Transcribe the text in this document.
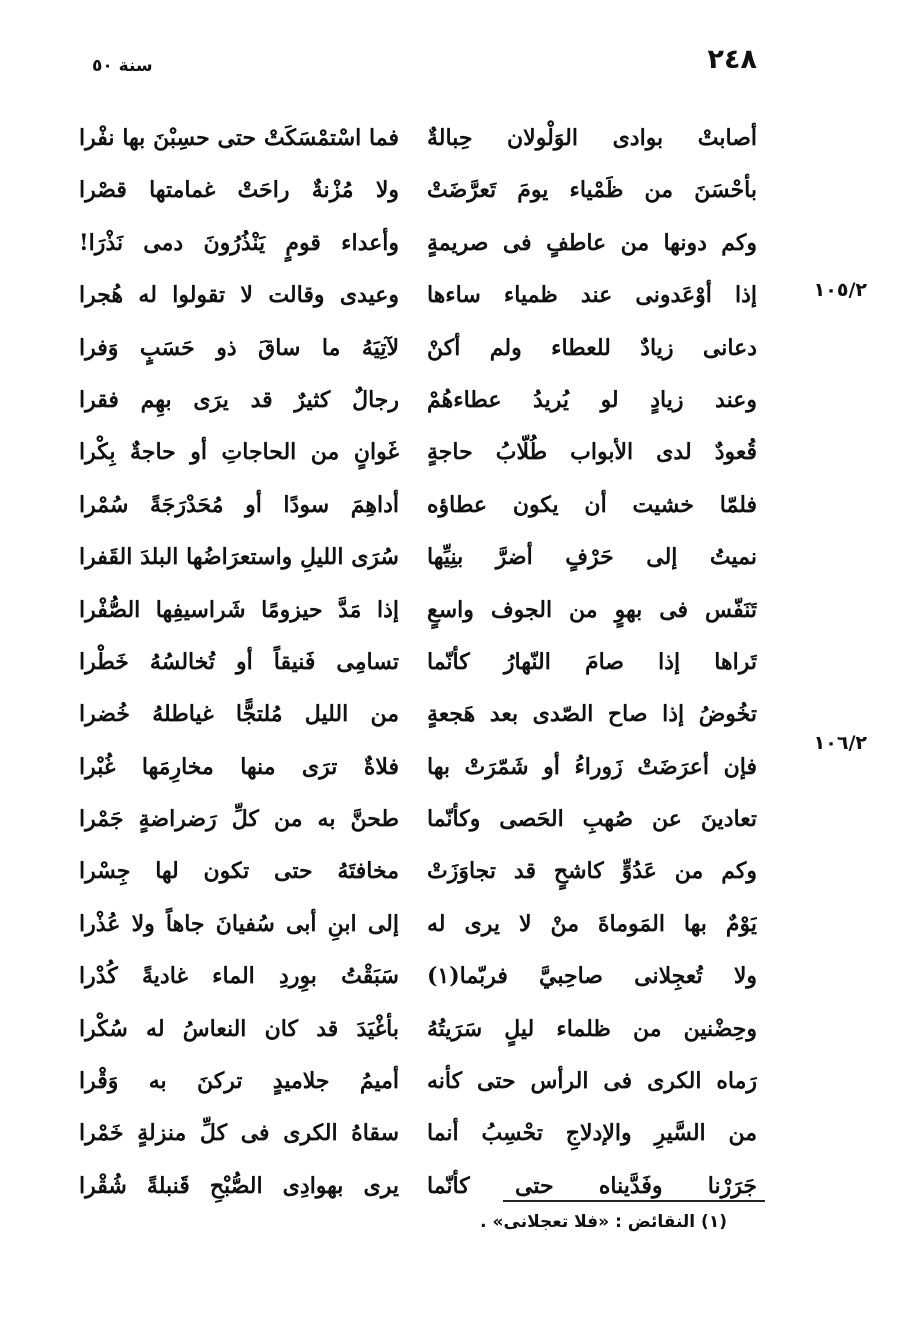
٢٤٨
سنة ٥٠
١٠٥/٢
١٠٦/٢
أصابتْ بوادى الوَلْولان حِبالةٌ
بأحْسَنَ من ظَمْياء يومَ تَعرَّضَتْ
وكم دونها من عاطفٍ فى صريمةٍ
إذا أوْعَدونى عند ظمياء ساءها
دعانى زيادٌ للعطاء ولم أكنْ
وعند زيادٍ لو يُريدُ عطاءهُمْ
قُعودٌ لدى الأبواب طُلّابُ حاجةٍ
فلمّا خشيت أن يكون عطاؤه
نميتُ إلى حَرْفٍ أضرَّ بنِيِّها
تَنَفّس فى بهوٍ من الجوف واسعٍ
تَراها إذا صامَ النّهارُ كأنّما
تخُوضُ إذا صاح الصّدى بعد هَجعةٍ
فإن أعرَضَتْ زَوراءُ أو شَمّرَتْ بها
تعادينَ عن صُهبِ الحَصى وكأنّما
وكم من عَدُوٍّ كاشحٍ قد تجاوَزَتْ
يَوْمٌ بها المَوماةَ منْ لا يرى له
ولا تُعجِلانى صاحِبيَّ فربّما(١)
وحِضْنين من ظلماء ليلٍ سَرَيتُهُ
رَماه الكرى فى الرأس حتى كأنه
من السَّيرِ والإدلاجِ تحْسِبُ أنما
جَرَرْنا وفَدَّيناه حتى كأنّما
فما اسْتمْسَكَتْ حتى حسِبْنَ بها نفْرا
ولا مُزْنةٌ راحَتْ غمامتها قصْرا
وأعداء قومٍ يَنْذُرُونَ دمى نَذْرَا!
وعيدى وقالت لا تقولوا له هُجرا
لآتِيَهُ ما ساقَ ذو حَسَبٍ وَفرا
رجالٌ كثيرٌ قد يرَى بهِم فقرا
غَوانٍ من الحاجاتِ أو حاجةٌ بِكْرا
أداهِمَ سودًا أو مُحَدْرَجَةً سُمْرا
سُرَى الليلِ واستعرَاضُها البلدَ القَفرا
إذا مَدَّ حيزومًا شَراسيفِها الصُّفْرا
تسامِى فَنيقاً أو تُخالسُهُ خَطْرا
من الليل مُلتجًّا غياطلهُ خُضرا
فلاةٌ ترَى منها مخارِمَها غُبْرا
طحنَّ به من كلِّ رَضراضةٍ جَمْرا
مخافتَهُ حتى تكون لها جِسْرا
إلى ابنِ أبى سُفيانَ جاهاً ولا عُذْرا
سَبَقْتُ بوِردِ الماء غاديةً كُدْرا
بأغْيَدَ قد كان النعاسُ له سُكْرا
أميمُ جلاميدٍ تركنَ به وَقْرا
سقاهُ الكرى فى كلِّ منزلةٍ خَمْرا
يرى بهوادِى الصُّبْحِ قَنبلةً شُقْرا
(١) النقائض : «فلا تعجلانى» .
